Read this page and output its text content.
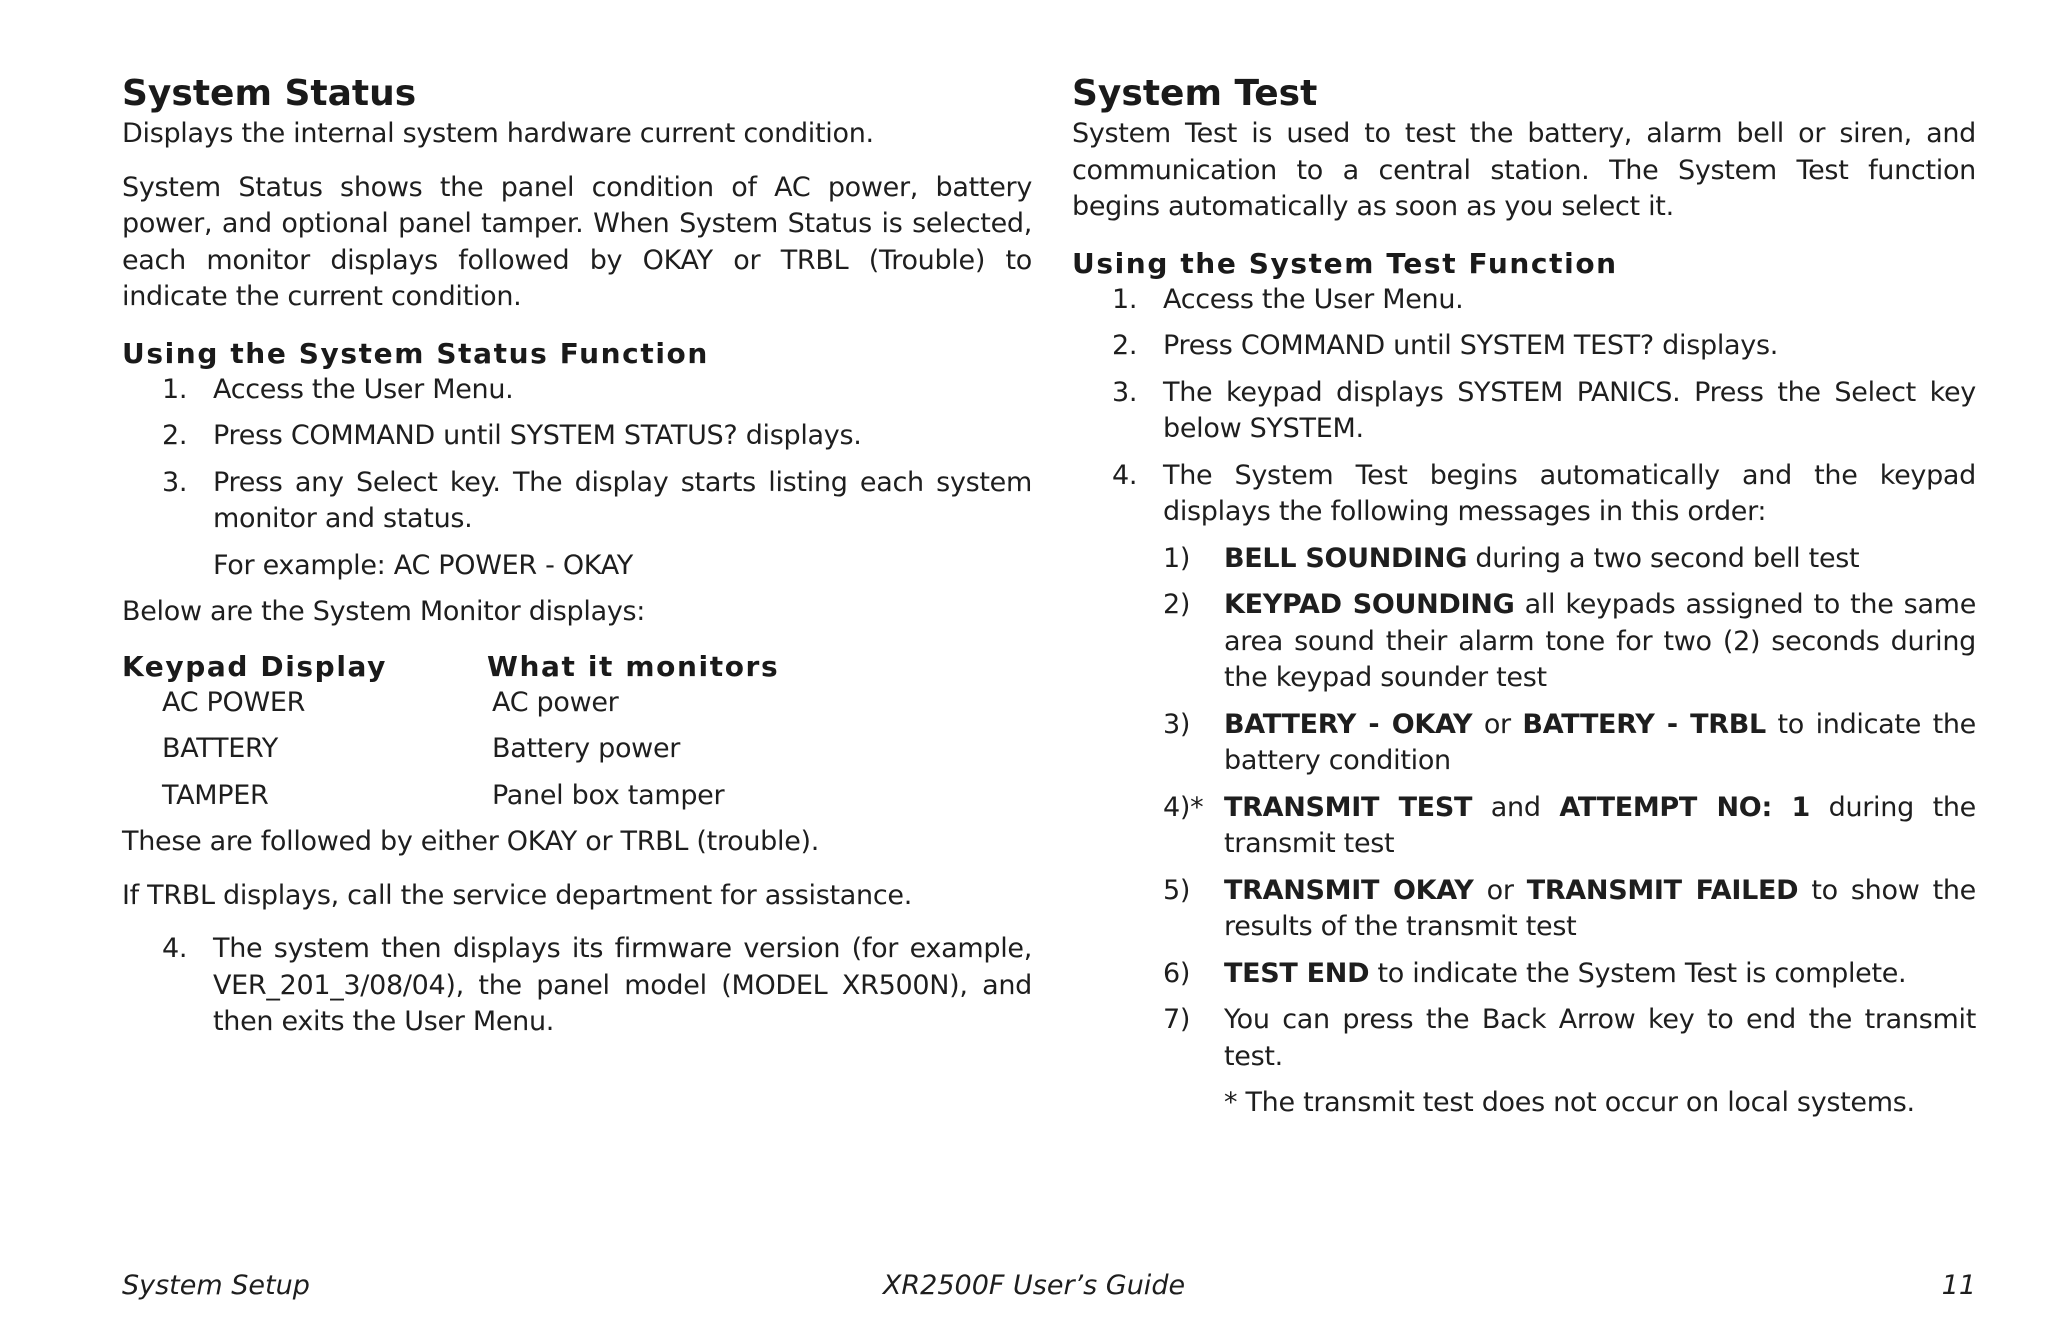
System Status

Displays the internal system hardware current condition.

System Status shows the panel condition of AC power, battery power, and optional panel tamper. When System Status is selected, each monitor displays followed by OKAY or TRBL (Trouble) to indicate the current condition.

Using the System Status Function
1. Access the User Menu.
2. Press COMMAND until SYSTEM STATUS? displays.
3. Press any Select key. The display starts listing each system monitor and status.
For example: AC POWER - OKAY

Below are the System Monitor displays:

Keypad Display	What it monitors
AC POWER	AC power
BATTERY	Battery power
TAMPER	Panel box tamper

These are followed by either OKAY or TRBL (trouble).

If TRBL displays, call the service department for assistance.

4. The system then displays its firmware version (for example, VER_201_3/08/04), the panel model (MODEL XR500N), and then exits the User Menu.
System Test

System Test is used to test the battery, alarm bell or siren, and communication to a central station. The System Test function begins automatically as soon as you select it.

Using the System Test Function
1. Access the User Menu.
2. Press COMMAND until SYSTEM TEST? displays.
3. The keypad displays SYSTEM PANICS. Press the Select key below SYSTEM.
4. The System Test begins automatically and the keypad displays the following messages in this order:
1) BELL SOUNDING during a two second bell test
2) KEYPAD SOUNDING all keypads assigned to the same area sound their alarm tone for two (2) seconds during the keypad sounder test
3) BATTERY - OKAY or BATTERY - TRBL to indicate the battery condition
4)* TRANSMIT TEST and ATTEMPT NO: 1 during the transmit test
5) TRANSMIT OKAY or TRANSMIT FAILED to show the results of the transmit test
6) TEST END to indicate the System Test is complete.
7) You can press the Back Arrow key to end the transmit test.
* The transmit test does not occur on local systems.
System Setup	XR2500F User’s Guide	11
